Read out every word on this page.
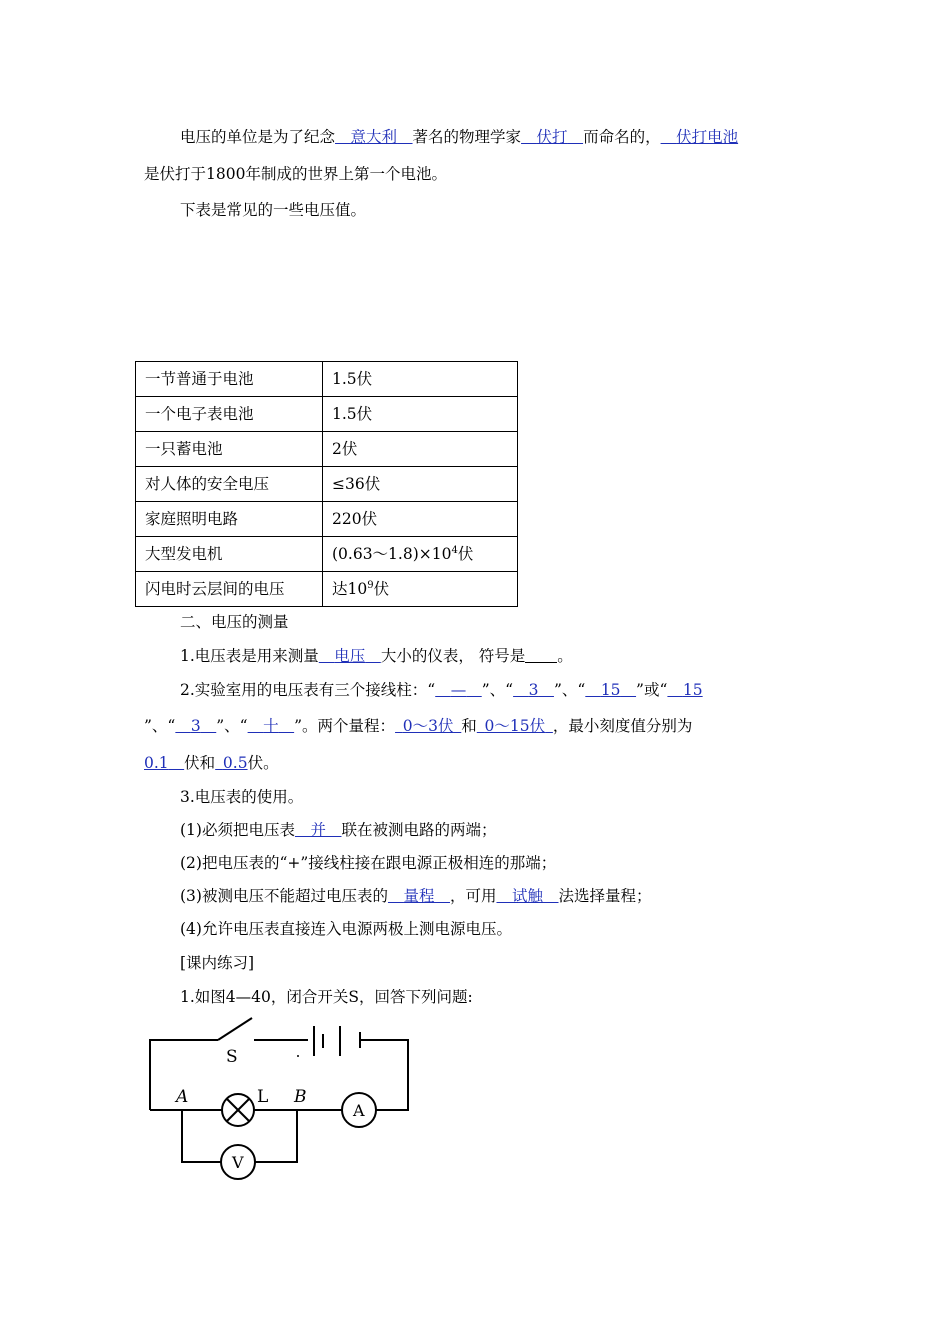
电压的单位是为了纪念   意大利   著名的物理学家   伏打   而命名的，   伏打电池
是伏打于1800年制成的世界上第一个电池。
下表是常见的一些电压值。
一节普通于电池	1.5伏
一个电子表电池	1.5伏
一只蓄电池	2伏
对人体的安全电压	≤36伏
家庭照明电路	220伏
大型发电机	$(0.63\sim 1.8)\times 10^4$伏
闪电时云层间的电压	达$10^9$伏
二、电压的测量
1.电压表是用来测量   电压   大小的仪表， 符号是 。
2.实验室用的电压表有三个接线柱：“   —   ”、“   3   ”、“   15   ”或“   15
”、“   3   ”、“   十   ”。两个量程：  0～3伏  和  0～15伏  ，最小刻度值分别为
0.1   伏和  0.5伏。
3.电压表的使用。
(1)必须把电压表   并   联在被测电路的两端；
(2)把电压表的“+”接线柱接在跟电源正极相连的那端；
(3)被测电压不能超过电压表的   量程   ，可用   试触   法选择量程；
(4)允许电压表直接连入电源两极上测电源电压。
[课内练习]
1.如图4—40，闭合开关S，回答下列问题:
S
A	L B
A
V
